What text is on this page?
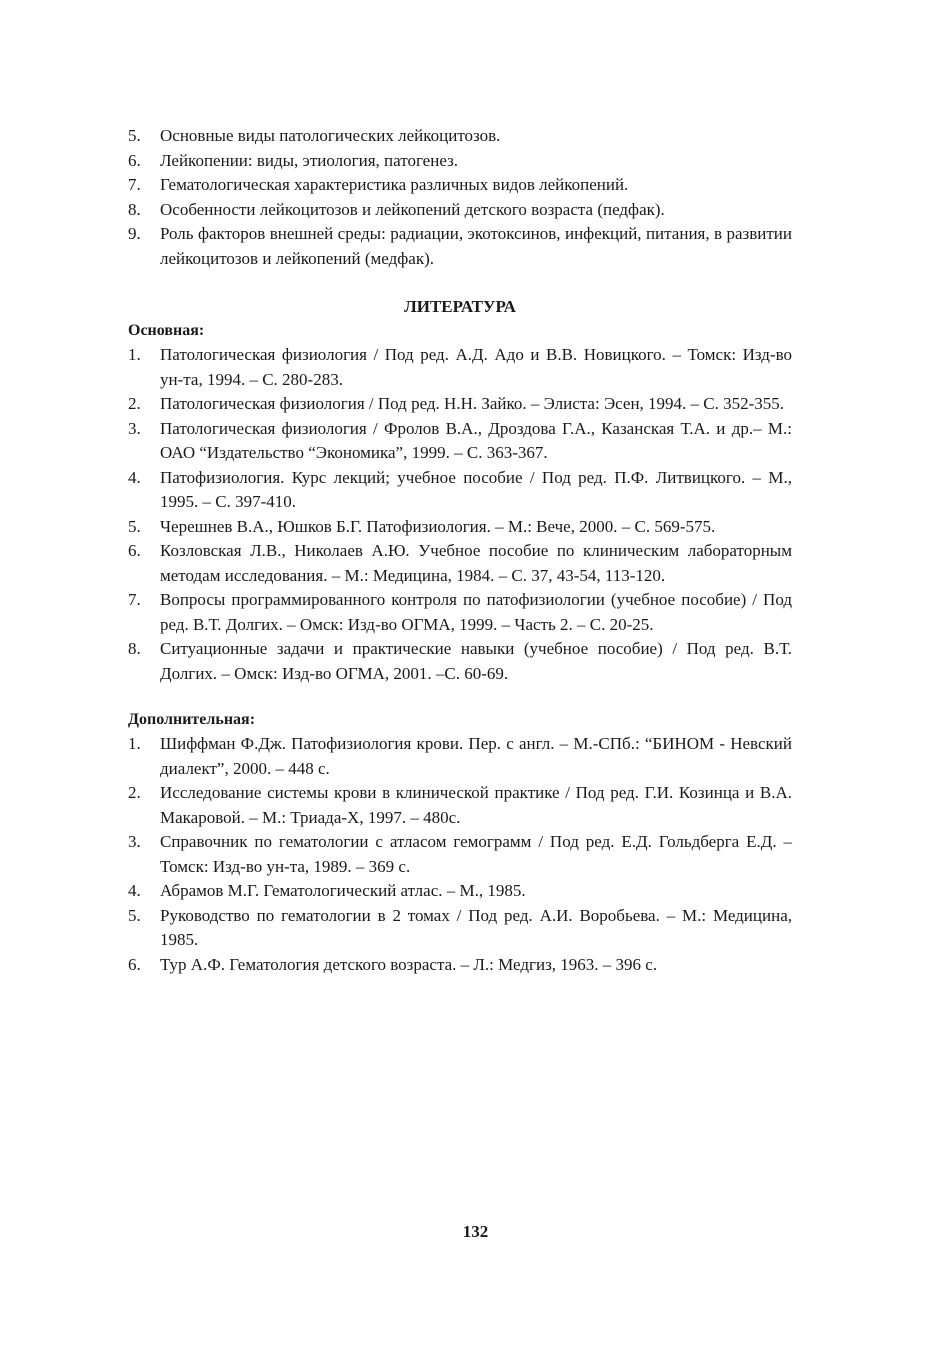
5.	Основные виды патологических лейкоцитозов.
6.	Лейкопении: виды, этиология, патогенез.
7.	Гематологическая характеристика различных видов лейкопений.
8.	Особенности лейкоцитозов и лейкопений детского возраста (педфак).
9.	Роль факторов внешней среды: радиации, экотоксинов, инфекций, питания, в развитии лейкоцитозов и лейкопений (медфак).
ЛИТЕРАТУРА
Основная:
1.	Патологическая физиология / Под ред. А.Д. Адо и В.В. Новицкого. – Томск: Изд-во ун-та, 1994. – С. 280-283.
2.	Патологическая физиология / Под ред. Н.Н. Зайко. – Элиста: Эсен, 1994. – С. 352-355.
3.	Патологическая физиология / Фролов В.А., Дроздова Г.А., Казанская Т.А. и др.– М.: ОАО “Издательство “Экономика”, 1999. – С. 363-367.
4.	Патофизиология. Курс лекций; учебное пособие / Под ред. П.Ф. Литвицкого. – М., 1995. – С. 397-410.
5.	Черешнев В.А., Юшков Б.Г. Патофизиология. – М.: Вече, 2000. – С. 569-575.
6.	Козловская Л.В., Николаев А.Ю. Учебное пособие по клиническим лабораторным методам исследования. – М.: Медицина, 1984. – С. 37, 43-54, 113-120.
7.	Вопросы программированного контроля по патофизиологии (учебное пособие) / Под ред. В.Т. Долгих. – Омск: Изд-во ОГМА, 1999. – Часть 2. – С. 20-25.
8.	Ситуационные задачи и практические навыки (учебное пособие) / Под ред. В.Т. Долгих. – Омск: Изд-во ОГМА, 2001. –С. 60-69.
Дополнительная:
1.	Шиффман Ф.Дж. Патофизиология крови. Пер. с англ. – М.-СПб.: “БИНОМ - Невский диалект”, 2000. – 448 с.
2.	Исследование системы крови в клинической практике / Под ред. Г.И. Козинца и В.А. Макаровой. – М.: Триада-Х, 1997. – 480с.
3.	Справочник по гематологии с атласом гемограмм / Под ред. Е.Д. Гольдберга Е.Д. – Томск: Изд-во ун-та, 1989. – 369 с.
4.	Абрамов М.Г. Гематологический атлас. – М., 1985.
5.	Руководство по гематологии в 2 томах / Под ред. А.И. Воробьева. – М.: Медицина, 1985.
6.	Тур А.Ф. Гематология детского возраста. – Л.: Медгиз, 1963. – 396 с.
132
